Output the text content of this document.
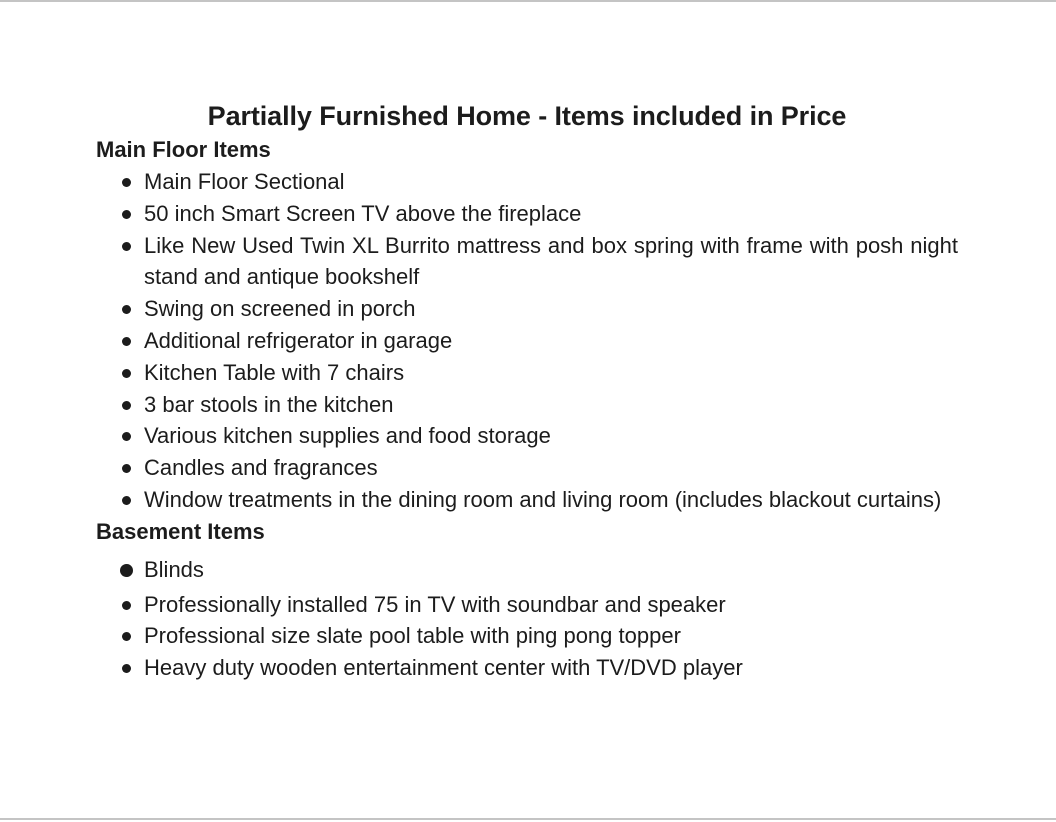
Partially Furnished Home - Items included in Price
Main Floor Items
Main Floor Sectional
50 inch Smart Screen TV above the fireplace
Like New Used Twin XL Burrito mattress and box spring with frame with posh night stand and antique bookshelf
Swing on screened in porch
Additional refrigerator in garage
Kitchen Table with 7 chairs
3 bar stools in the kitchen
Various kitchen supplies and food storage
Candles and fragrances
Window treatments in the dining room and living room (includes blackout curtains)
Basement Items
Blinds
Professionally installed 75 in TV with soundbar and speaker
Professional size slate pool table with ping pong topper
Heavy duty wooden entertainment center with TV/DVD player
